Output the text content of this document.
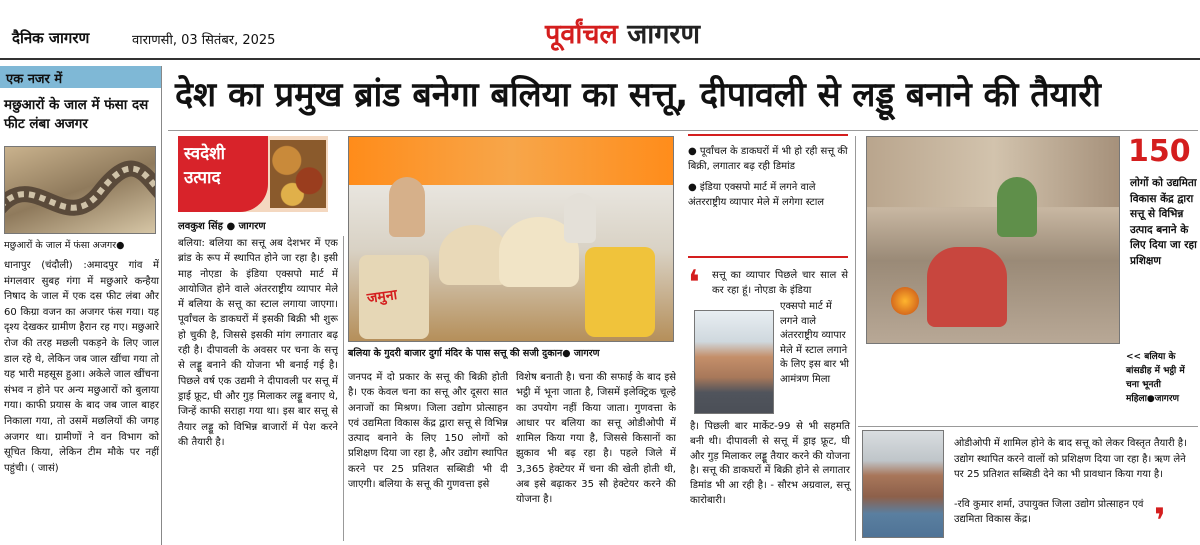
दैनिक जागरण	वाराणसी, 03 सितंबर, 2025	पूर्वांचल जागरण
एक नजर में
मछुआरों के जाल में फंसा दस फीट लंबा अजगर
मछुआरों के जाल में फंसा अजगर●
धानापुर (चंदौली) :अमादपुर गांव में मंगलवार सुबह गंगा में मछुआरे कन्हैया निषाद के जाल में एक दस फीट लंबा और 60 किग्रा वजन का अजगर फंस गया। यह दृश्य देखकर ग्रामीण हैरान रह गए। मछुआरे रोज की तरह मछली पकड़ने के लिए जाल डाल रहे थे, लेकिन जब जाल खींचा गया तो यह भारी महसूस हुआ। अकेले जाल खींचना संभव न होने पर अन्य मछुआरों को बुलाया गया। काफी प्रयास के बाद जब जाल बाहर निकाला गया, तो उसमें मछलियों की जगह अजगर था। ग्रामीणों ने वन विभाग को सूचित किया, लेकिन टीम मौके पर नहीं पहुंची। ( जासं)
देश का प्रमुख ब्रांड बनेगा बलिया का सत्तू, दीपावली से लड्डू बनाने की तैयारी
स्वदेशी
उत्पाद
लवकुश सिंह ● जागरण
बलिया: बलिया का सत्तू अब देशभर में एक ब्रांड के रूप में स्थापित होने जा रहा है। इसी माह नोएडा के इंडिया एक्सपो मार्ट में आयोजित होने वाले अंतरराष्ट्रीय व्यापार मेले में बलिया के सत्तू का स्टाल लगाया जाएगा। पूर्वांचल के डाकघरों में इसकी बिक्री भी शुरू हो चुकी है, जिससे इसकी मांग लगातार बढ़ रही है। दीपावली के अवसर पर चना के सत्तू से लड्डू बनाने की योजना भी बनाई गई है। पिछले वर्ष एक उद्यमी ने दीपावली पर सत्तू में ड्राई फ्रूट, घी और गुड़ मिलाकर लड्डू बनाए थे, जिन्हें काफी सराहा गया था। इस बार सत्तू से तैयार लड्डू को विभिन्न बाजारों में पेश करने की तैयारी है।
जनपद में दो प्रकार के सत्तू की बिक्री होती है। एक केवल चना का सत्तू और दूसरा सात अनाजों का मिश्रण। जिला उद्योग प्रोत्साहन एवं उद्यमिता विकास केंद्र द्वारा सत्तू से विभिन्न उत्पाद बनाने के लिए 150 लोगों को प्रशिक्षण दिया जा रहा है, और उद्योग स्थापित करने पर 25 प्रतिशत सब्सिडी भी दी जाएगी। बलिया के सत्तू की गुणवत्ता इसे
विशेष बनाती है। चना की सफाई के बाद इसे भट्ठी में भूना जाता है, जिसमें इलेक्ट्रिक चूल्हे का उपयोग नहीं किया जाता। गुणवत्ता के आधार पर बलिया का सत्तू ओडीओपी में शामिल किया गया है, जिससे किसानों का झुकाव भी बढ़ रहा है। पहले जिले में 3,365 हेक्टेयर में चना की खेती होती थी, अब इसे बढ़ाकर 35 सौ हेक्टेयर करने की योजना है।
जमुना
बलिया के गुदरी बाजार दुर्गा मंदिर के पास सत्तू की सजी दुकान● जागरण
● पूर्वांचल के डाकघरों में भी हो रही सत्तू की बिक्री, लगातार बढ़ रही डिमांड
● इंडिया एक्सपो मार्ट में लगने वाले अंतरराष्ट्रीय व्यापार मेले में लगेगा स्टाल
❛ सत्तू का व्यापार पिछले चार साल से कर रहा हूं। नोएडा के इंडिया
एक्सपो मार्ट में लगने वाले अंतरराष्ट्रीय व्यापार मेले में स्टाल लगाने के लिए इस बार भी आमंत्रण मिला
है। पिछली बार मार्केट-99 से भी सहमति बनी थी। दीपावली से सत्तू में ड्राइ फ्रूट, घी और गुड़ मिलाकर लड्डू तैयार करने की योजना है। सत्तू की डाकघरों में बिक्री होने से लगातार डिमांड भी आ रही है। - सौरभ अग्रवाल, सत्तू कारोबारी।
150
लोगों को उद्यमिता विकास केंद्र द्वारा सत्तू से विभिन्न उत्पाद बनाने के लिए दिया जा रहा प्रशिक्षण
<< बलिया के बांसडीह में भट्ठी में चना भूनती महिला●जागरण
ओडीओपी में शामिल होने के बाद सत्तू को लेकर विस्तृत तैयारी है। उद्योग स्थापित करने वालों को प्रशिक्षण दिया जा रहा है। ऋण लेने पर 25 प्रतिशत सब्सिडी देने का भी प्रावधान किया गया है।
-रवि कुमार शर्मा, उपायुक्त जिला उद्योग प्रोत्साहन एवं उद्यमिता विकास केंद्र।	❜
